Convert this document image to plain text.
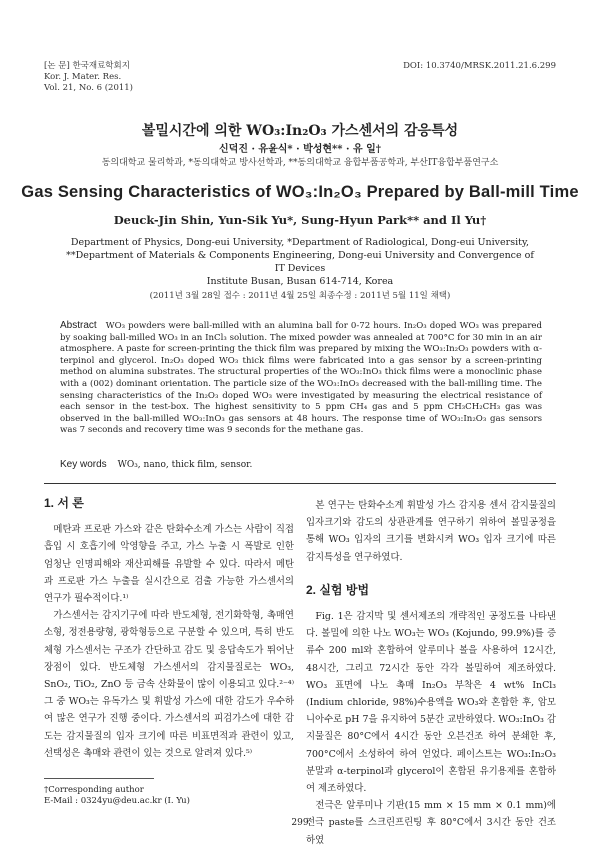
[논 문] 한국재료학회지
Kor. J. Mater. Res.
Vol. 21, No. 6 (2011)
DOI: 10.3740/MRSK.2011.21.6.299
볼밀시간에 의한 WO₃:In₂O₃ 가스센서의 감응특성
신덕진 · 유윤식* · 박성현** · 유 일†
동의대학교 물리학과, *동의대학교 방사선학과, **동의대학교 융합부품공학과, 부산IT융합부품연구소
Gas Sensing Characteristics of WO₃:In₂O₃ Prepared by Ball-mill Time
Deuck-Jin Shin, Yun-Sik Yu*, Sung-Hyun Park** and Il Yu†
Department of Physics, Dong-eui University, *Department of Radiological, Dong-eui University,
**Department of Materials & Components Engineering, Dong-eui University and Convergence of IT Devices
Institute Busan, Busan 614-714, Korea
(2011년 3월 28일 접수 : 2011년 4월 25일 최종수정 : 2011년 5월 11일 채택)
Abstract WO₃ powders were ball-milled with an alumina ball for 0-72 hours. In₂O₃ doped WO₃ was prepared by soaking ball-milled WO₃ in an InCl₃ solution. The mixed powder was annealed at 700°C for 30 min in an air atmosphere. A paste for screen-printing the thick film was prepared by mixing the WO₃:In₂O₃ powders with α-terpinol and glycerol. In₂O₃ doped WO₃ thick films were fabricated into a gas sensor by a screen-printing method on alumina substrates. The structural properties of the WO₃:InO₃ thick films were a monoclinic phase with a (002) dominant orientation. The particle size of the WO₃:InO₃ decreased with the ball-milling time. The sensing characteristics of the In₂O₃ doped WO₃ were investigated by measuring the electrical resistance of each sensor in the test-box. The highest sensitivity to 5 ppm CH₄ gas and 5 ppm CH₃CH₂CH₃ gas was observed in the ball-milled WO₃:InO₃ gas sensors at 48 hours. The response time of WO₃:In₂O₃ gas sensors was 7 seconds and recovery time was 9 seconds for the methane gas.
Key words WO₃, nano, thick film, sensor.
1. 서 론

메탄과 프로판 가스와 같은 탄화수소계 가스는 사람이 직접 흡입 시 호흡기에 악영향을 주고, 가스 누출 시 폭발로 인한 엄청난 인명피해와 재산피해를 유발할 수 있다. 따라서 메탄과 프로판 가스 누출을 실시간으로 검출 가능한 가스센서의 연구가 필수적이다.¹⁾

가스센서는 감지기구에 따라 반도체형, 전기화학형, 촉매연소형, 정전용량형, 광학형등으로 구분할 수 있으며, 특히 반도체형 가스센서는 구조가 간단하고 감도 및 응답속도가 뛰어난 장점이 있다. 반도체형 가스센서의 감지물질로는 WO₃, SnO₂, TiO₂, ZnO 등 금속 산화물이 많이 이용되고 있다.²⁻⁴⁾ 그 중 WO₃는 유독가스 및 휘발성 가스에 대한 감도가 우수하여 많은 연구가 진행 중이다. 가스센서의 피검가스에 대한 감도는 감지물질의 입자 크기에 따른 비표면적과 관련이 있고, 선택성은 촉매와 관련이 있는 것으로 알려져 있다.⁵⁾

본 연구는 탄화수소계 휘발성 가스 감지용 센서 감지물질의 입자크기와 감도의 상관관계를 연구하기 위하여 볼밀공정을 통해 WO₃ 입자의 크기를 변화시켜 WO₃ 입자 크기에 따른 감지특성을 연구하였다.

2. 실험 방법

Fig. 1은 감지막 및 센서제조의 개략적인 공정도를 나타낸다. 볼밀에 의한 나노 WO₃는 WO₃ (Kojundo, 99.9%)를 증류수 200 ml와 혼합하여 알루미나 볼을 사용하여 12시간, 48시간, 그리고 72시간 동안 각각 볼밀하여 제조하였다. WO₃ 표면에 나노 촉매 In₂O₃ 부착은 4 wt% InCl₃ (Indium chloride, 98%)수용액을 WO₃와 혼합한 후, 암모니아수로 pH 7을 유지하여 5분간 교반하였다. WO₃:InO₃ 감지물질은 80°C에서 4시간 동안 오븐건조 하여 분쇄한 후, 700°C에서 소성하여 하여 얻었다. 페이스트는 WO₃:In₂O₃ 분말과 α-terpinol과 glycerol이 혼합된 유기용제를 혼합하여 제조하였다.

전극은 알루미나 기판(15 mm × 15 mm × 0.1 mm)에 전극 paste를 스크린프린팅 후 80°C에서 3시간 동안 건조 하였

†Corresponding author
E-Mail : 0324yu@deu.ac.kr (I. Yu)
299
